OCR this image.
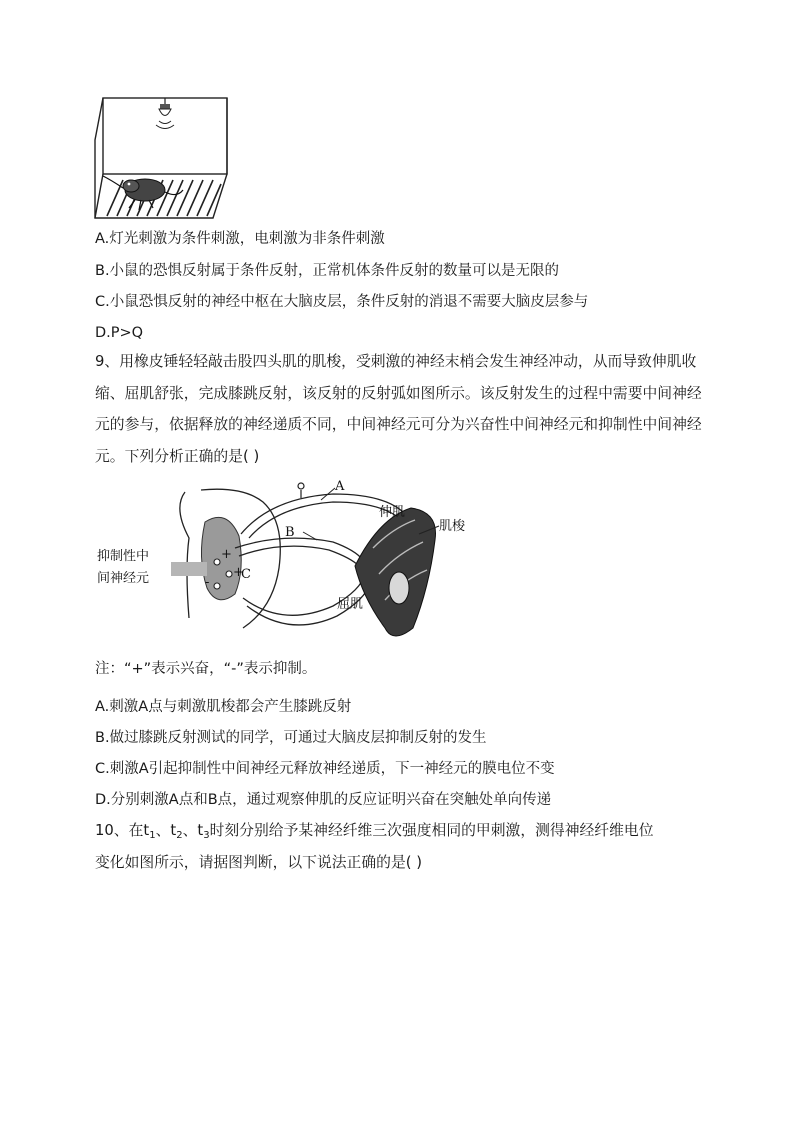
A.灯光刺激为条件刺激，电刺激为非条件刺激
B.小鼠的恐惧反射属于条件反射，正常机体条件反射的数量可以是无限的
C.小鼠恐惧反射的神经中枢在大脑皮层，条件反射的消退不需要大脑皮层参与
D.P>Q
9、用橡皮锤轻轻敲击股四头肌的肌梭，受刺激的神经末梢会发生神经冲动，从而导致伸肌收缩、屈肌舒张，完成膝跳反射，该反射的反射弧如图所示。该反射发生的过程中需要中间神经元的参与，依据释放的神经递质不同，中间神经元可分为兴奋性中间神经元和抑制性中间神经元。下列分析正确的是( )
抑制性中
间神经元
A
B
C
伸肌
肌梭
屈肌
+
+
-
注：“+”表示兴奋，“-”表示抑制。
A.刺激A点与刺激肌梭都会产生膝跳反射
B.做过膝跳反射测试的同学，可通过大脑皮层抑制反射的发生
C.刺激A引起抑制性中间神经元释放神经递质，下一神经元的膜电位不变
D.分别刺激A点和B点，通过观察伸肌的反应证明兴奋在突触处单向传递
10、在$t_1$、$t_2$、$t_3$时刻分别给予某神经纤维三次强度相同的甲刺激，测得神经纤维电位
变化如图所示，请据图判断，以下说法正确的是( )
